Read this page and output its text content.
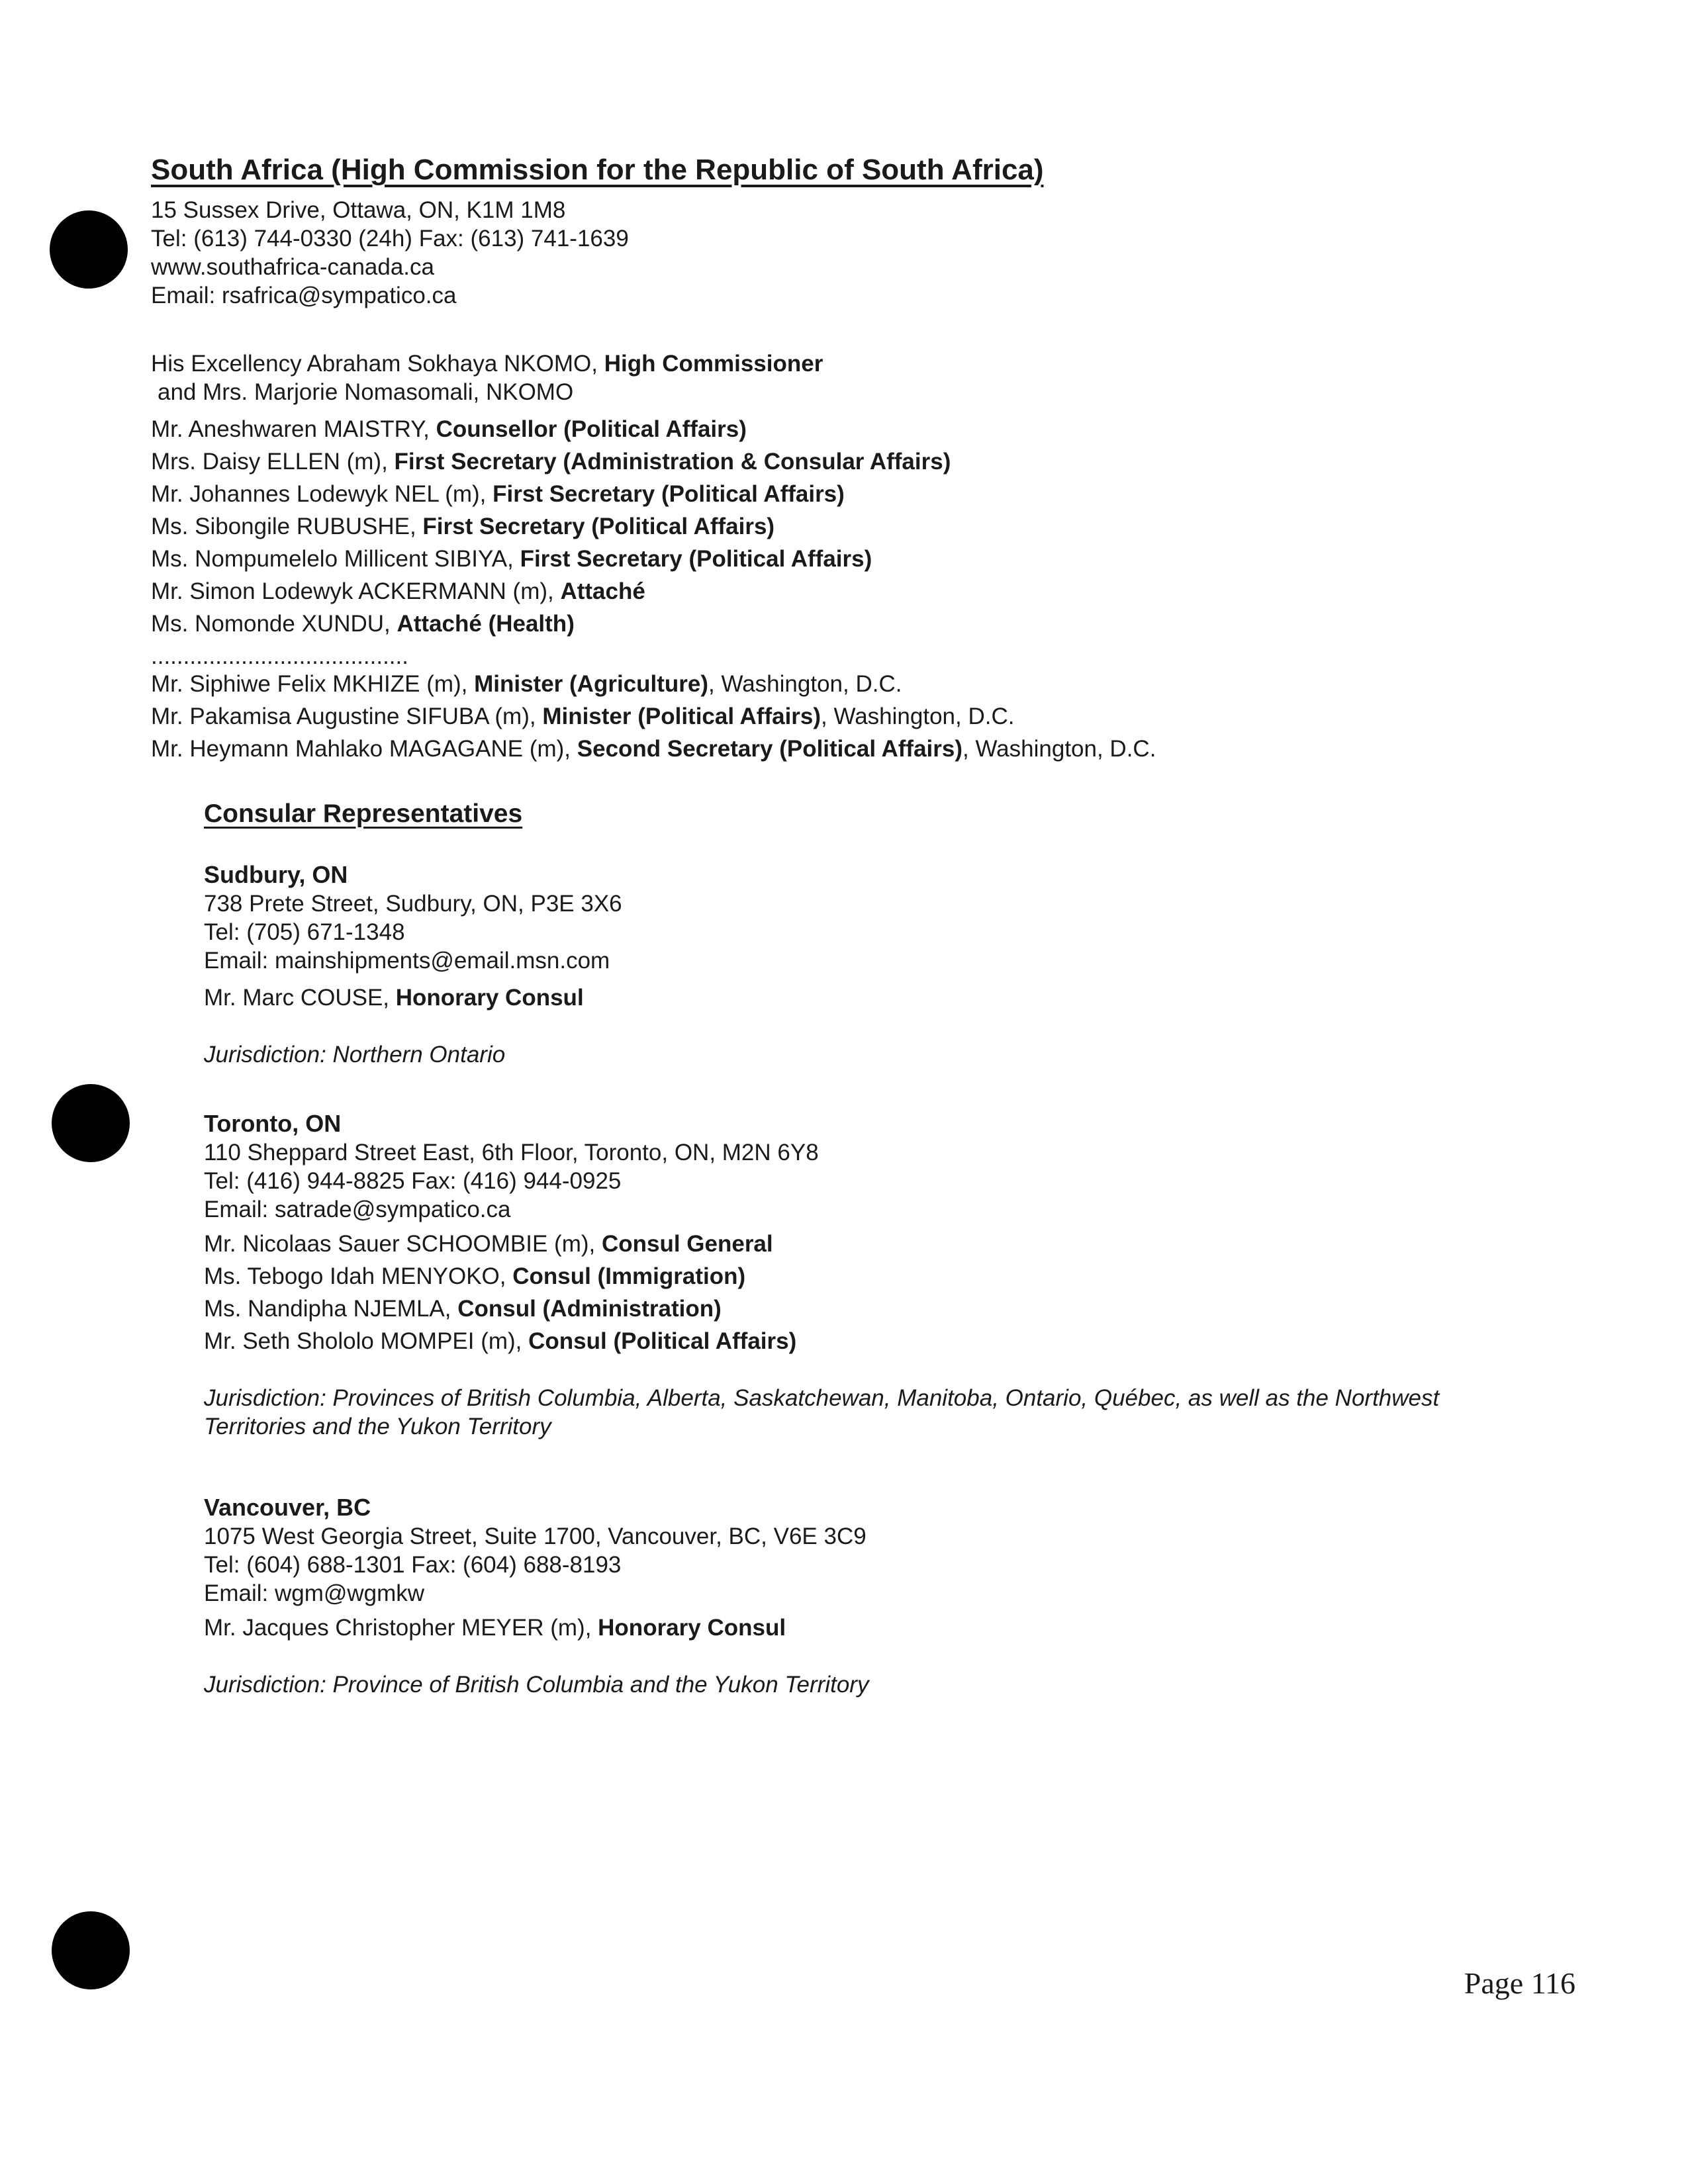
South Africa (High Commission for the Republic of South Africa)
15 Sussex Drive, Ottawa, ON, K1M 1M8
Tel: (613) 744-0330 (24h) Fax: (613) 741-1639
www.southafrica-canada.ca
Email: rsafrica@sympatico.ca
His Excellency Abraham Sokhaya NKOMO, High Commissioner
and Mrs. Marjorie Nomasomali, NKOMO
Mr. Aneshwaren MAISTRY, Counsellor (Political Affairs)
Mrs. Daisy ELLEN (m), First Secretary (Administration & Consular Affairs)
Mr. Johannes Lodewyk NEL (m), First Secretary (Political Affairs)
Ms. Sibongile RUBUSHE, First Secretary (Political Affairs)
Ms. Nompumelelo Millicent SIBIYA, First Secretary (Political Affairs)
Mr. Simon Lodewyk ACKERMANN (m), Attaché
Ms. Nomonde XUNDU, Attaché (Health)
........................................
Mr. Siphiwe Felix MKHIZE (m), Minister (Agriculture), Washington, D.C.
Mr. Pakamisa Augustine SIFUBA (m), Minister (Political Affairs), Washington, D.C.
Mr. Heymann Mahlako MAGAGANE (m), Second Secretary (Political Affairs), Washington, D.C.
Consular Representatives
Sudbury, ON
738 Prete Street, Sudbury, ON, P3E 3X6
Tel: (705) 671-1348
Email: mainshipments@email.msn.com
Mr. Marc COUSE, Honorary Consul
Jurisdiction: Northern Ontario
Toronto, ON
110 Sheppard Street East, 6th Floor, Toronto, ON, M2N 6Y8
Tel: (416) 944-8825 Fax: (416) 944-0925
Email: satrade@sympatico.ca
Mr. Nicolaas Sauer SCHOOMBIE (m), Consul General
Ms. Tebogo Idah MENYOKO, Consul (Immigration)
Ms. Nandipha NJEMLA, Consul (Administration)
Mr. Seth Shololo MOMPEI (m), Consul (Political Affairs)
Jurisdiction: Provinces of British Columbia, Alberta, Saskatchewan, Manitoba, Ontario, Québec, as well as the Northwest Territories and the Yukon Territory
Vancouver, BC
1075 West Georgia Street, Suite 1700, Vancouver, BC, V6E 3C9
Tel: (604) 688-1301 Fax: (604) 688-8193
Email: wgm@wgmkw
Mr. Jacques Christopher MEYER (m), Honorary Consul
Jurisdiction: Province of British Columbia and the Yukon Territory
Page 116
